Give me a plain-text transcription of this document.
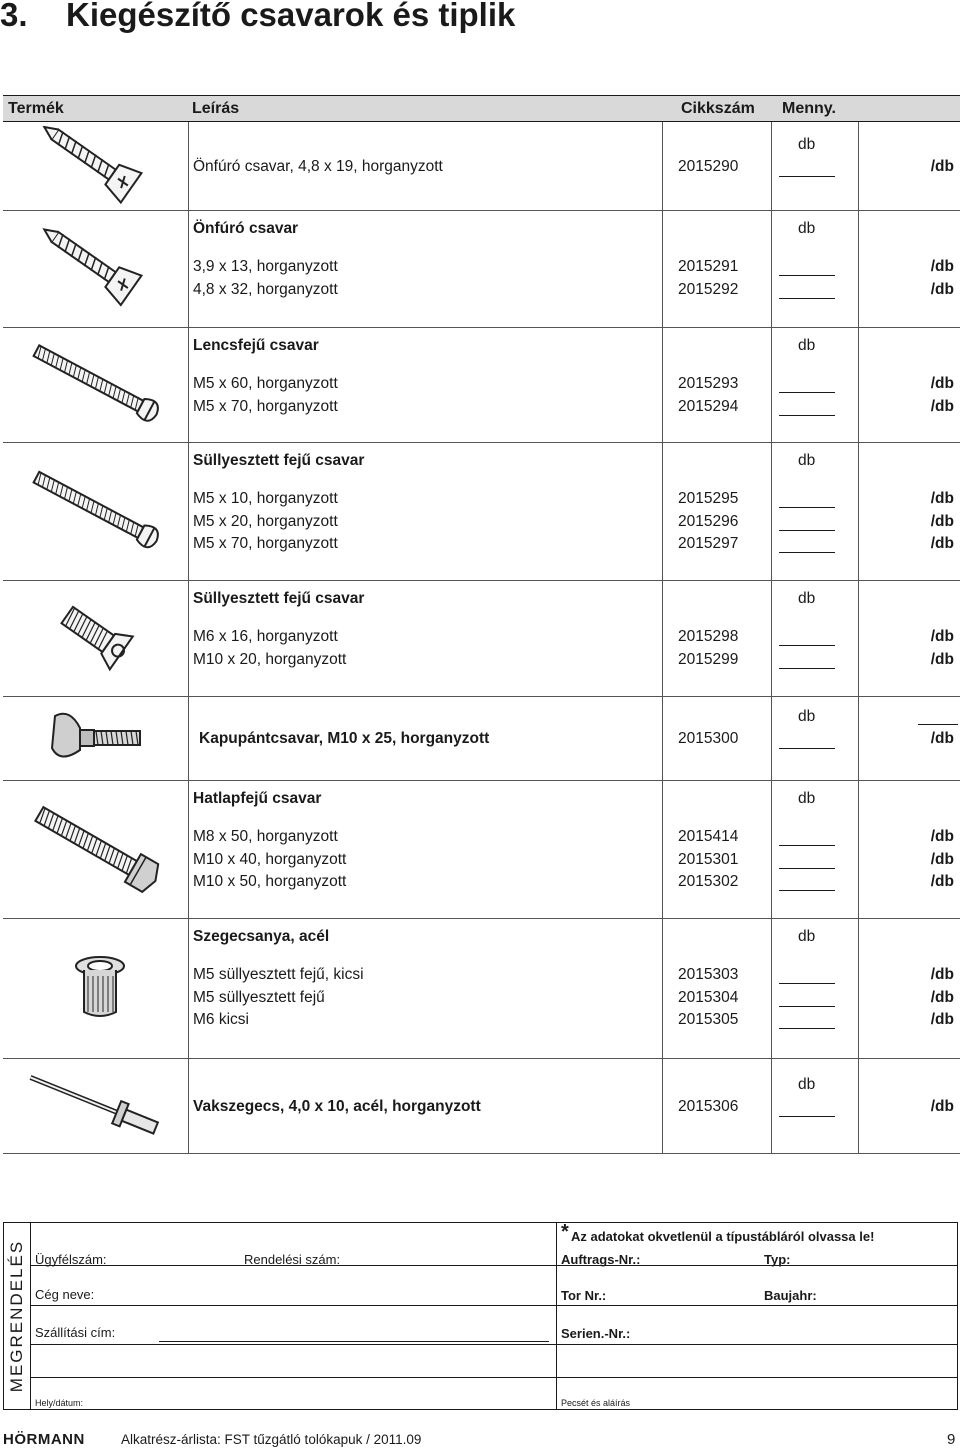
3. Kiegészítő csavarok és tiplik
Termék	Leírás	Cikkszám Menny.
db
Önfúró csavar, 4,8 x 19, horganyzott	2015290	/db
Önfúró csavar	db
3,9 x 13, horganyzott	2015291	/db
4,8 x 32, horganyzott	2015292	/db
Lencsfejű csavar	db
M5 x 60, horganyzott	2015293	/db
M5 x 70, horganyzott	2015294	/db
Süllyesztett fejű csavar	db
M5 x 10, horganyzott	2015295	/db
M5 x 20, horganyzott	2015296	/db
M5 x 70, horganyzott	2015297	/db
Süllyesztett fejű csavar	db
M6 x 16, horganyzott	2015298	/db
M10 x 20, horganyzott	2015299	/db
db
Kapupántcsavar, M10 x 25, horganyzott	2015300	/db
Hatlapfejű csavar	db
M8 x 50, horganyzott	2015414	/db
M10 x 40, horganyzott	2015301	/db
M10 x 50, horganyzott	2015302	/db
Szegecsanya, acél	db
M5 süllyesztett fejű, kicsi	2015303	/db
M5 süllyesztett fejű	2015304	/db
M6 kicsi	2015305	/db
db
Vakszegecs, 4,0 x 10, acél, horganyzott	2015306	/db
MEGRENDELÉS
* Az adatokat okvetlenül a típustábláról olvassa le!
Ügyfélszám:	Rendelési szám:	Auftrags-Nr.:	Typ:
Cég neve:	Tor Nr.:	Baujahr:
Szállítási cím:	Serien.-Nr.:
Hely/dátum:	Pecsét és aláírás
HÖRMANN	Alkatrész-árlista: FST tűzgátló tolókapuk / 2011.09	9
